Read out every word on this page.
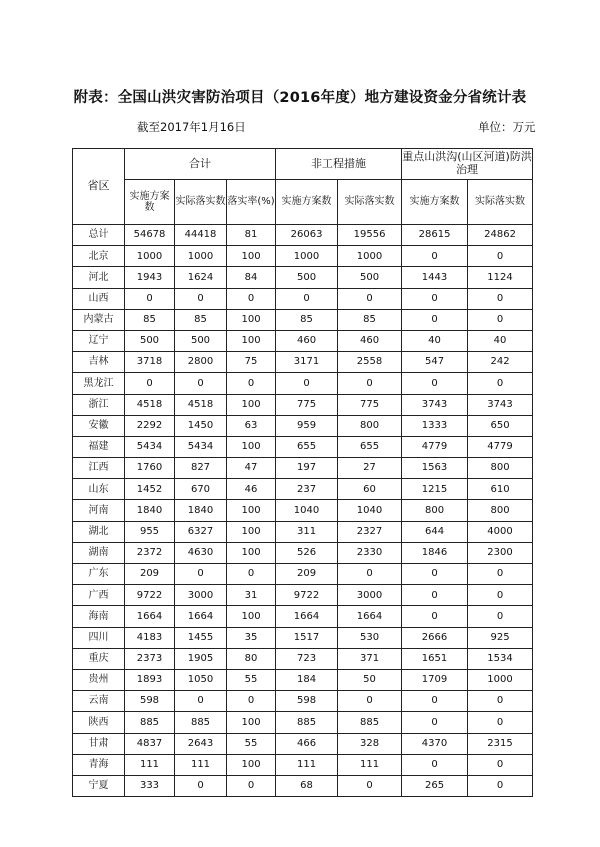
附表：全国山洪灾害防治项目（2016年度）地方建设资金分省统计表
截至2017年1月16日	单位：万元
省区	合计			非工程措施		重点山洪沟(山区河道)防洪治理	
	实施方案数	实际落实数	落实率(%)	实施方案数	实际落实数	实施方案数	实际落实数
总计	54678	44418	81	26063	19556	28615	24862
北京	1000	1000	100	1000	1000	0	0
河北	1943	1624	84	500	500	1443	1124
山西	0	0	0	0	0	0	0
内蒙古	85	85	100	85	85	0	0
辽宁	500	500	100	460	460	40	40
吉林	3718	2800	75	3171	2558	547	242
黑龙江	0	0	0	0	0	0	0
浙江	4518	4518	100	775	775	3743	3743
安徽	2292	1450	63	959	800	1333	650
福建	5434	5434	100	655	655	4779	4779
江西	1760	827	47	197	27	1563	800
山东	1452	670	46	237	60	1215	610
河南	1840	1840	100	1040	1040	800	800
湖北	955	6327	100	311	2327	644	4000
湖南	2372	4630	100	526	2330	1846	2300
广东	209	0	0	209	0	0	0
广西	9722	3000	31	9722	3000	0	0
海南	1664	1664	100	1664	1664	0	0
四川	4183	1455	35	1517	530	2666	925
重庆	2373	1905	80	723	371	1651	1534
贵州	1893	1050	55	184	50	1709	1000
云南	598	0	0	598	0	0	0
陕西	885	885	100	885	885	0	0
甘肃	4837	2643	55	466	328	4370	2315
青海	111	111	100	111	111	0	0
宁夏	333	0	0	68	0	265	0
